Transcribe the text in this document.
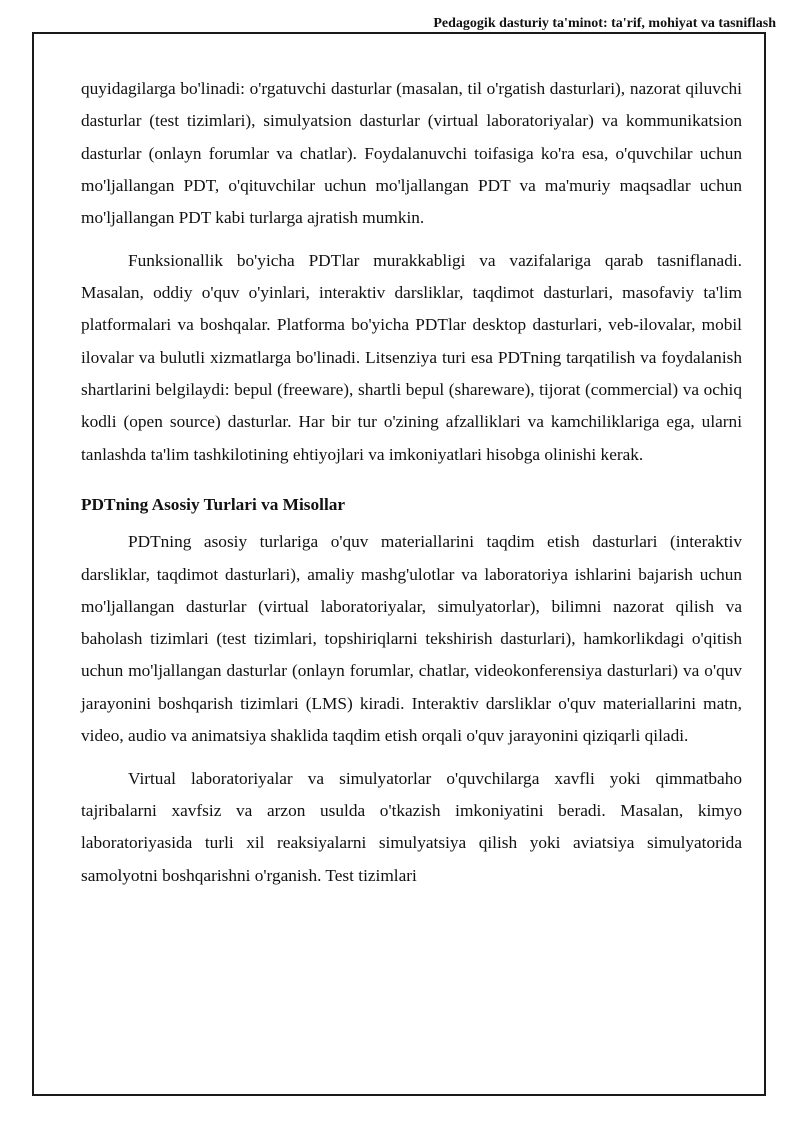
Pedagogik dasturiy ta'minot: ta'rif, mohiyat va tasniflash

quyidagilarga bo'linadi: o'rgatuvchi dasturlar (masalan, til o'rgatish dasturlari), nazorat qiluvchi dasturlar (test tizimlari), simulyatsion dasturlar (virtual laboratoriyalar) va kommunikatsion dasturlar (onlayn forumlar va chatlar). Foydalanuvchi toifasiga ko'ra esa, o'quvchilar uchun mo'ljallangan PDT, o'qituvchilar uchun mo'ljallangan PDT va ma'muriy maqsadlar uchun mo'ljallangan PDT kabi turlarga ajratish mumkin.

Funksionallik bo'yicha PDTlar murakkabligi va vazifalariga qarab tasniflanadi. Masalan, oddiy o'quv o'yinlari, interaktiv darsliklar, taqdimot dasturlari, masofaviy ta'lim platformalari va boshqalar. Platforma bo'yicha PDTlar desktop dasturlari, veb-ilovalar, mobil ilovalar va bulutli xizmatlarga bo'linadi. Litsenziya turi esa PDTning tarqatilish va foydalanish shartlarini belgilaydi: bepul (freeware), shartli bepul (shareware), tijorat (commercial) va ochiq kodli (open source) dasturlar. Har bir tur o'zining afzalliklari va kamchiliklariga ega, ularni tanlashda ta'lim tashkilotining ehtiyojlari va imkoniyatlari hisobga olinishi kerak.

PDTning Asosiy Turlari va Misollar

PDTning asosiy turlariga o'quv materiallarini taqdim etish dasturlari (interaktiv darsliklar, taqdimot dasturlari), amaliy mashg'ulotlar va laboratoriya ishlarini bajarish uchun mo'ljallangan dasturlar (virtual laboratoriyalar, simulyatorlar), bilimni nazorat qilish va baholash tizimlari (test tizimlari, topshiriqlarni tekshirish dasturlari), hamkorlikdagi o'qitish uchun mo'ljallangan dasturlar (onlayn forumlar, chatlar, videokonferensiya dasturlari) va o'quv jarayonini boshqarish tizimlari (LMS) kiradi. Interaktiv darsliklar o'quv materiallarini matn, video, audio va animatsiya shaklida taqdim etish orqali o'quv jarayonini qiziqarli qiladi.

Virtual laboratoriyalar va simulyatorlar o'quvchilarga xavfli yoki qimmatbaho tajribalarni xavfsiz va arzon usulda o'tkazish imkoniyatini beradi. Masalan, kimyo laboratoriyasida turli xil reaksiyalarni simulyatsiya qilish yoki aviatsiya simulyatorida samolyotni boshqarishni o'rganish. Test tizimlari
